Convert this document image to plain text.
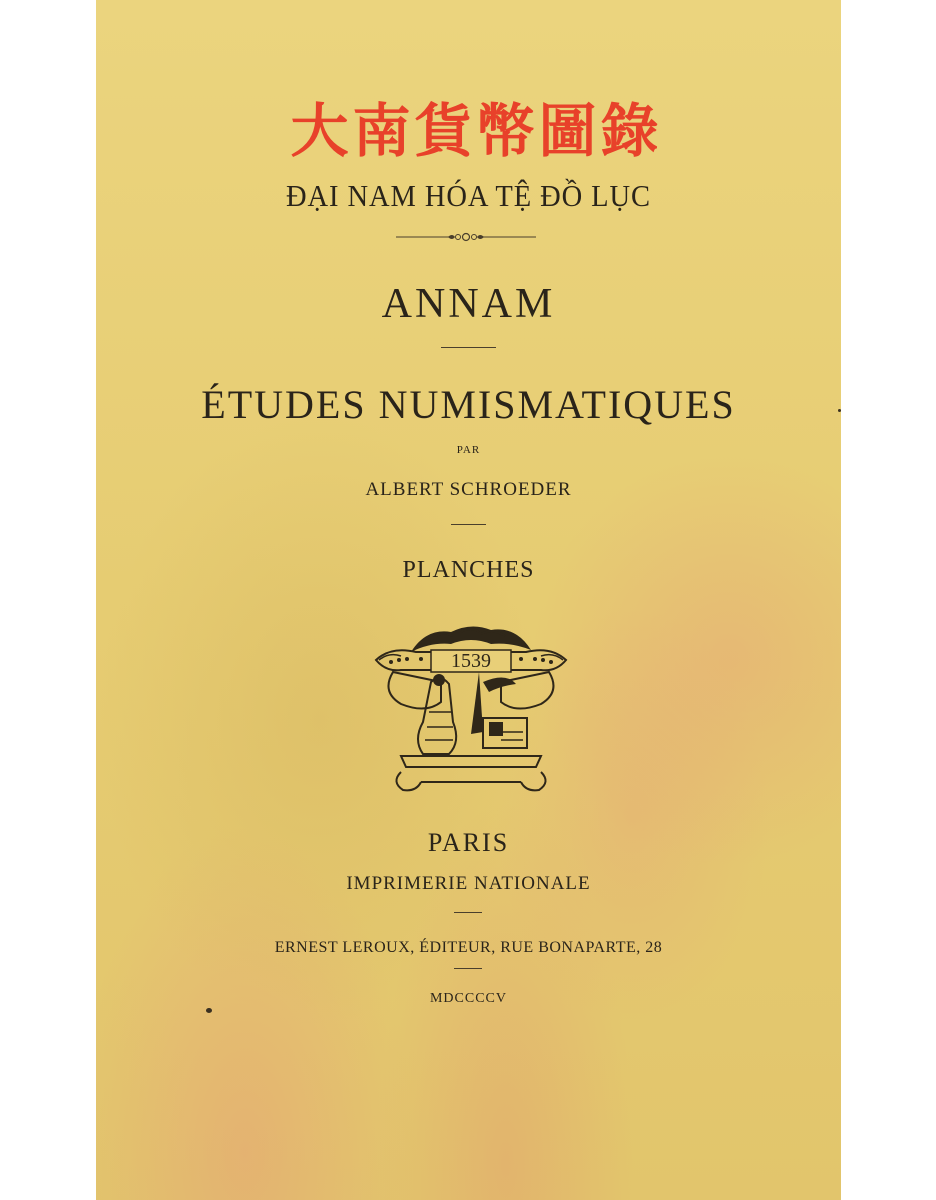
大南貨幣圖錄
ĐẠI NAM HÓA TỆ ĐỒ LỤC
ANNAM
ÉTUDES NUMISMATIQUES
PAR
ALBERT SCHROEDER
PLANCHES
1539
PARIS
IMPRIMERIE NATIONALE
ERNEST LEROUX, ÉDITEUR, RUE BONAPARTE, 28
MDCCCCV
